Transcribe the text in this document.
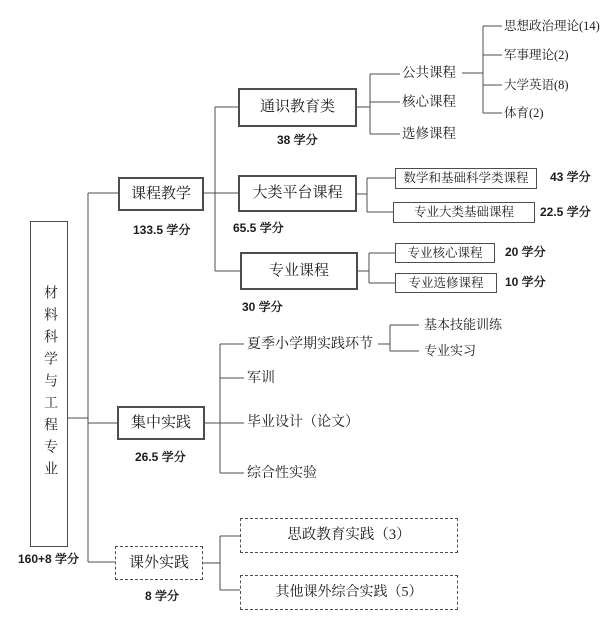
材料科学与工程专业
160+8 学分
课程教学
133.5 学分
集中实践
26.5 学分
课外实践
8 学分
通识教育类
38 学分
大类平台课程
65.5 学分
专业课程
30 学分
公共课程
核心课程
选修课程
思想政治理论(14)
军事理论(2)
大学英语(8)
体育(2)
数学和基础科学类课程	43 学分
专业大类基础课程	22.5 学分
专业核心课程	20 学分
专业选修课程	10 学分
夏季小学期实践环节
军训
毕业设计（论文）
综合性实验
基本技能训练
专业实习
思政教育实践（3）
其他课外综合实践（5）
